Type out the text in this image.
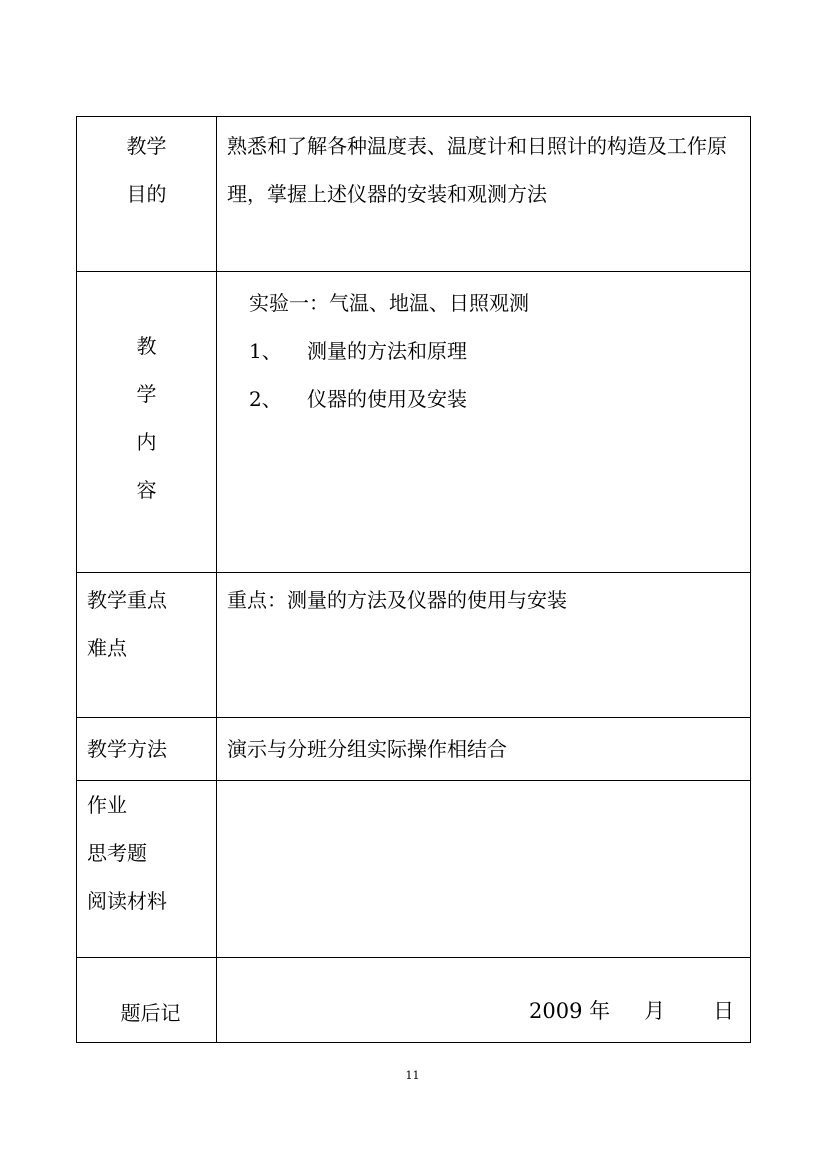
教学
目的	熟悉和了解各种温度表、温度计和日照计的构造及工作原理，掌握上述仪器的安装和观测方法

教
学
内
容	实验一：气温、地温、日照观测
1、 测量的方法和原理
2、 仪器的使用及安装

教学重点
难点	重点：测量的方法及仪器的使用与安装

教学方法	演示与分班分组实际操作相结合

作业
思考题
阅读材料	

题后记	
		2009 年 月 日
11
